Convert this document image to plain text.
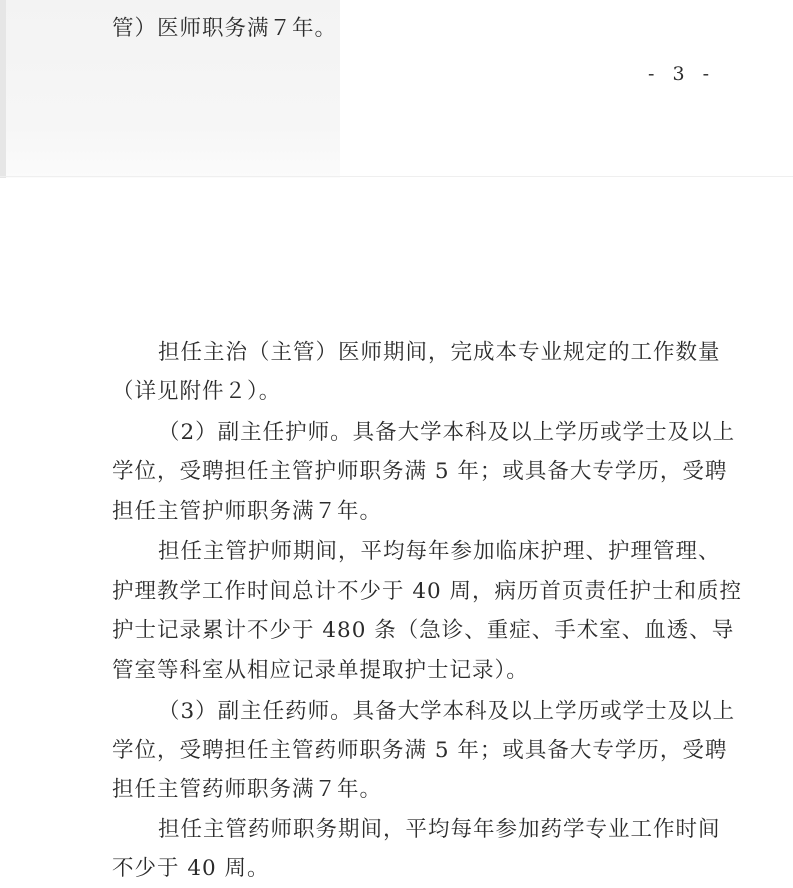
管）医师职务满７年。
- 3 -
担任主治（主管）医师期间，完成本专业规定的工作数量
（详见附件２）。
（2）副主任护师。具备大学本科及以上学历或学士及以上
学位，受聘担任主管护师职务满 5 年；或具备大专学历，受聘
担任主管护师职务满７年。
担任主管护师期间，平均每年参加临床护理、护理管理、
护理教学工作时间总计不少于 40 周，病历首页责任护士和质控
护士记录累计不少于 480 条（急诊、重症、手术室、血透、导
管室等科室从相应记录单提取护士记录）。
（3）副主任药师。具备大学本科及以上学历或学士及以上
学位，受聘担任主管药师职务满 5 年；或具备大专学历，受聘
担任主管药师职务满７年。
担任主管药师职务期间，平均每年参加药学专业工作时间
不少于 40 周。
